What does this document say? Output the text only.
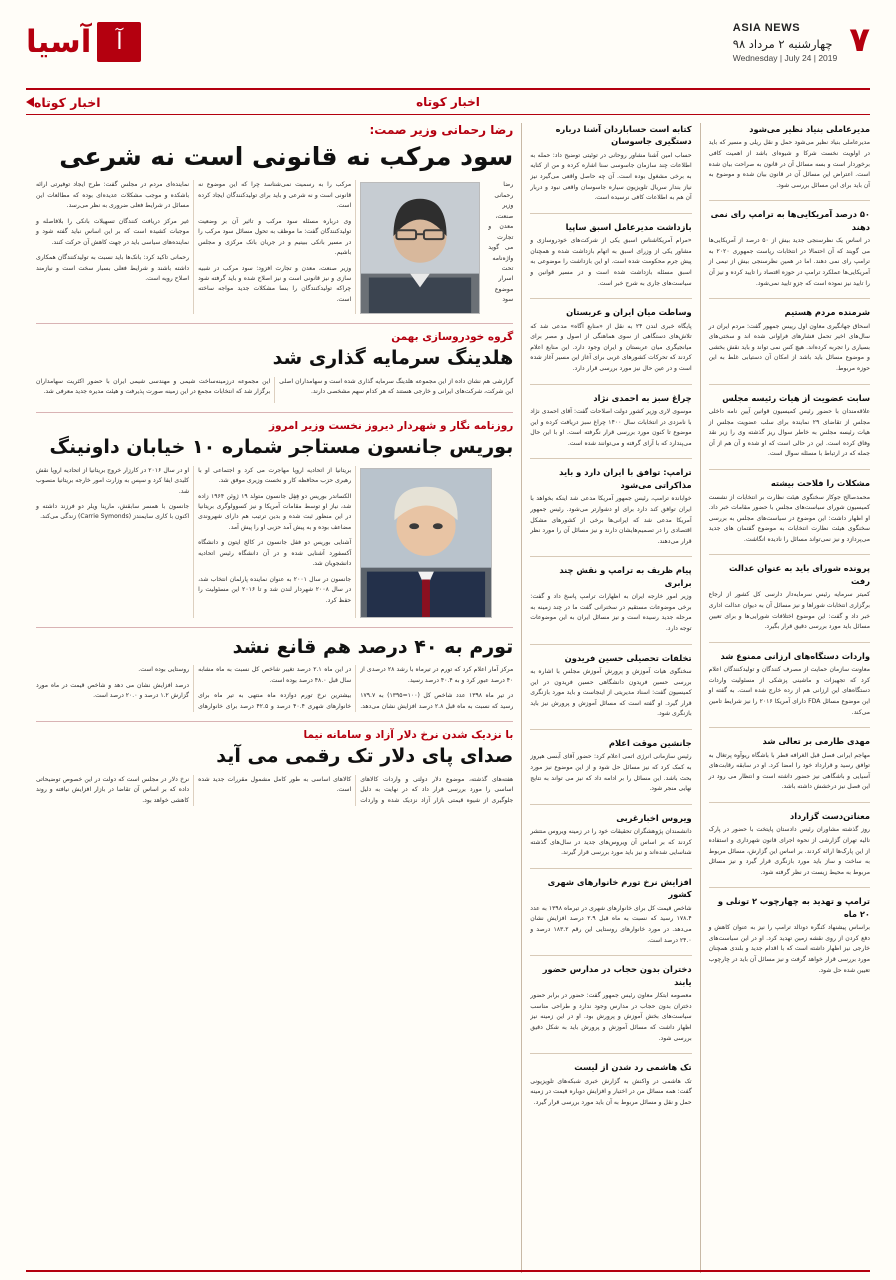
آسیا	آ	۷
ASIA NEWS
چهارشنبه ۲ مرداد ۹۸
Wednesday | July 24 | 2019
اخبار کوتاه	اخبار کوتاه
رضا رحمانی وزیر صمت:
سود مرکب نه قانونی است نه شرعی

رضا رحمانی وزیر صنعت، معدن و تجارت می گوید واژه‌نامه تحت اسرار موضوع سود مرکب را به رسمیت نمی‌شناسد چرا که این موضوع نه قانونی است و نه شرعی و باید برای تولیدکنندگان ایجاد کرده است.

وی درباره مسئله سود مرکب و تاثیر آن بر وضعیت تولیدکنندگان گفت: ما موظف به تحول مسائل سود مرکب را در مسیر بانکی ببینیم و در جریان بانک مرکزی و مجلس باشیم.

وزیر صنعت، معدن و تجارت افزود: سود مرکب در شبیه سازی و نیز قانونی است و نیز اصلاح شده و باید گرفته شود چراکه تولیدکنندگان را بسا مشکلات جدید مواجه ساخته است.

نماینده‌ای مردم در مجلس گفت: طرح ایجاد توفیرتی ارائه باشکده و موجب مشکلات عدیده‌ای بوده که مطالعات این مسائل در شرایط فعلی ضروری به نظر می‌رسد.

غیر مرکز دریافت کنندگان تسهیلات بانکی را بلافاصله و موجبات کشیده است که بر این اساس نباید گفته شود و نماینده‌های سیاسی باید در جهت کاهش آن حرکت کنند.

رحمانی تاکید کرد: بانک‌ها باید نسبت به تولیدکنندگان همکاری داشته باشند و شرایط فعلی بسیار سخت است و نیازمند اصلاح رویه است.

گروه خودروسازی بهمن
هلدینگ سرمایه گذاری شد

گزارشی هم نشان داده از این مجموعه هلدینگ سرمایه گذاری شده است و سهامداران اصلی این شرکت، شرکت‌های ایرانی و خارجی هستند که هر کدام سهم مشخصی دارند.

این مجموعه درزمینه‌ساخت شیمی و مهندسی شیمی ایران با حضور اکثریت سهامداران برگزار شد که انتخابات مجمع در این زمینه صورت پذیرفت و هیئت مدیره جدید معرفی شد.

روزنامه نگار و شهردار دیروز نخست وزیر امروز
بوریس جانسون مستاجر شماره ۱۰ خیابان داونینگ

بریتانیا از اتحادیه اروپا مهاجرت می کرد و اجتماعی او با رهبری حزب محافظه کار و نخست وزیری موفق شد.

الکساندر بوریس دو فِفِل جانسون متولد ۱۹ ژوئن ۱۹۶۴ زاده شد، نیاز او توسط مقامات آمریکا و نیز کسوولوگری بریتانیا در این منظور ثبت شده و بدین ترتیب هم دارای شهروندی مضاعف بوده و به پیش آمد حزبی او را پیش آمد.

آشنایی بوریس دو ففل جانسون در کالج ایتون و دانشگاه آکسفورد آشنایی شده و در آن دانشگاه رئیس اتحادیه دانشجویان شد.

جانسون در سال ۲۰۰۱ به عنوان نماینده پارلمان انتخاب شد، در سال ۲۰۰۸ شهردار لندن شد و تا ۲۰۱۶ این مسئولیت را حفظ کرد.

او در سال ۲۰۱۶ در کارزار خروج بریتانیا از اتحادیه اروپا نقش کلیدی ایفا کرد و سپس به وزارت امور خارجه بریتانیا منصوب شد.

جانسون با همسر سابقش، مارینا ویلر دو فرزند داشته و اکنون با کاری سایمندز (Carrie Symonds) زندگی می‌کند.

تورم به ۴۰ درصد هم قانع نشد

مرکز آمار اعلام کرد که تورم در تیرماه با رشد ۲۸ درصدی از ۴۰ درصد عبور کرد و به ۴۰.۴ درصد رسید.

در تیر ماه ۱۳۹۸ عدد شاخص کل (۱۰۰=۱۳۹۵) به ۱۷۹.۷ رسید که نسبت به ماه قبل ۲.۸ درصد افزایش نشان می‌دهد. در این ماه ۲.۱ درصد تغییر شاخص کل نسبت به ماه مشابه سال قبل ۴۸.۰ درصد بوده است.

بیشترین نرخ تورم دوازده ماه منتهی به تیر ماه برای خانوارهای شهری ۴۰.۴ درصد و ۴۲.۵ درصد برای خانوارهای روستایی بوده است.

درصد افزایش نشان می دهد و شاخص قیمت در ماه مورد گزارش ۱.۲ درصد و ۲۰.۰ درصد است.

با نزدیک شدن نرخ دلار آزاد و سامانه نیما
صدای پای دلار تک رقمی می آید

هفته‌های گذشته، موضوع دلار دولتی و واردات کالاهای اساسی را مورد بررسی قرار داد که در نهایت به دلیل جلوگیری از شیوه قیمتی بازار آزاد نزدیک شده و واردات کالاهای اساسی به طور کامل مشمول مقررات جدید شده است.

نرخ دلار در مجلس است که دولت در این خصوص توضیحاتی داده که بر اساس آن تقاضا در بازار افزایش نیافته و روند کاهشی خواهد بود.

کتابه است حساباردان آشنا درباره دستگیری جاسوسان

حساب امین آشنا مشاور روحانی در توئیتی توضیح داد: حمله به اطلاعات چند سازمان جاسوسی سنا اشاره کرده و من از کنایه به برخی مشغول بوده است. آن چه حاصل واقعی می‌گیرد نیز نیاز بندار سریال تلویزیون سیاره جاسوسان واقعی نبود و دربار آن هم به اطلاعات کافی نرسیده است.

بازداشت مدیرعامل اسبق ساپیا

«مرام آمریکا‌شناس اسبق یکی از شرکت‌های خودروسازی و مشاور یکی از وزرای اسبق به اتهام بازداشت شده و همچنان پیش جرم محکومت شده است. او این بازداشت را موضوعی به اسبق مسئله بازداشت شده است و در مسیر قوانین و سیاست‌های جاری به شرح خبر است.

وساطت میان ایران و عربستان

پایگاه خبری لندن ۲۴ به نقل از «منابع آگاه» مدعی شد که تلاش‌های دستگاهی از سوی هماهنگی از اصول و مصر برای میانجیگری میان عربستان و ایران وجود دارد. این منابع اعلام کردند که تحرکات کشورهای غربی برای آغاز این مسیر آغاز شده است و در عین حال نیز مورد بررسی قرار دارد.

چراغ سبز به احمدی نژاد

موسوی لاری وزیر کشور دولت اصلاحات گفت: آقای احمدی نژاد با نامزدی در انتخابات سال ۱۴۰۰ چراغ سبز دریافت کرده و این موضوع تا کنون مورد بررسی قرار نگرفته است. او با این حال می‌پندارد که با آرای گرفته و می‌توانند شده است.

ترامپ: توافق با ایران دارد و باید مذاکراتی می‌شود

خوابانده ترامپ، رئیس جمهور آمریکا مدعی شد اینکه بخواهد با ایران توافق کند دارد برای او دشوارتر می‌شود. رئیس جمهور آمریکا مدعی شد که ایرانی‌ها برخی از کشورهای مشکل اقتصادی را در تصمیم‌هایشان دارند و نیز مسائل آن را مورد نظر قرار می‌دهند.

پیام ظریف به ترامپ و نقش چند برابری

وزیر امور خارجه ایران به اظهارات ترامپ پاسخ داد و گفت: برخی موضوعات مستقیم در سخنرانی گفت ما در چند زمینه به مرحله جدید رسیده است و نیز مسائل ایران به این موضوعات توجه دارد.

تخلفات تحصیلی حسین فریدون

سخنگوی هیات آموزش و پرورش آموزش مجلس با اشاره به بررسی حسین فریدون دانشگاهی حسین فریدون در این کمیسیون گفت: اسناد مدیریتی از اینجاست و باید مورد بازنگری قرار گیرد. او گفته است که مسائل آموزش و پرورش نیز باید بازنگری شود.

جانشین موقت اعلام

رئیس سازمانی انرژی اتمی اعلام کرد: حضور آقای آبسی هیروز به کمک کرد که نیز مسائل حل شود و از این موضوع نیز مورد بحث باشد. این مسائل را بر ادامه داد که نیز می تواند به نتایج نهایی منجر شود.

ویروس اخبارغربی

دانشمندان پژوهشگران تحقیقات خود را در زمینه ویروس منتشر کردند که بر اساس آن ویروس‌های جدید در سال‌های گذشته شناسایی شده‌اند و نیز باید مورد بررسی قرار گیرند.

افزایش نرخ تورم خانوارهای شهری کشور

شاخص قیمت کل برای خانوارهای شهری در تیرماه ۱۳۹۸ به عدد ۱۷۸.۴ رسید که نسبت به ماه قبل ۲.۹ درصد افزایش نشان می‌دهد. در مورد خانوارهای روستایی این رقم ۱۸۳.۲ درصد و ۲۴.۰ درصد است.

دختران بدون حجاب در مدارس حضور یابند

معصومه ابتکار معاون رئیس جمهور گفت: حضور در برابر حضور دختران بدون حجاب در مدارس وجود ندارد و طراحی مناسب سیاست‌های بخش آموزش و پرورش بود. او در این زمینه نیز اظهار داشت که مسائل آموزش و پرورش باید به شکل دقیق بررسی شود.

تک هاشمی رد شدن از لیست

تک هاشمی در واکنش به گزارش خبری شبکه‌های تلویزیونی گفت: همه مسائل من در اختیار و افزایش دوباره قیمت در زمینه حمل و نقل و مسائل مربوط به آن باید مورد بررسی قرار گیرد.

مدیرعاملی بنیاد نظیر می‌شود

مدیرعاملی بنیاد نظیر می‌شود حمل و نقل ریلی و مسیر که باید در اولویت نخست شرکا و شیوه‌ای باشد از اهمیت کافی برخوردار است و بسه مسائل آن در قانون به صراحت بیان شده است. اعتراض این مسائل آن در قانون بیان شده و موضوع به آن باید برای این مسائل بررسی شود.

۵۰ درصد آمریکایی‌ها به ترامپ رای نمی دهند

در اساس یک نظرسنجی جدید بیش از ۵۰ درصد از آمریکایی‌ها می گویند که آن احتمالا در انتخابات ریاست جمهوری ۲۰۲۰ به ترامپ رای نمی دهند. اما در همین نظرسنجی بیش از نیمی از آمریکایی‌ها عملکرد ترامپ در حوزه اقتصاد را تایید کرده و نیز آن را تایید نیز نموده است که جزو تایید نمی‌شود.

شرمنده مردم هستیم

اسحاق جهانگیری معاون اول رییس جمهور گفت: مردم ایران در سال‌های اخیر تحمل فشارهای فراوانی شده اند و سختی‌های بسیاری را تجربه کرده‌اند. هیچ کس نمی تواند و باید نقش بخشی و موضوع مسائل باید باشد از امکان آن دستیابی غلط به این حوزه مربوط.

سابت عضویت از هیات رئیسه مجلس

علاقه‌مندان با حضور رئیس کمیسیون قوانین آیین نامه داخلی مجلس از تقاضای ۲۹ نماینده برای سلب عضویت مجلس از هیات رئیسه مجلس به خاطر سوال ریز گذشته وی را زیر نقد وفاق کرده است. این در حالی است که او شده و آن هم از آن جمله که در ارتباط با مسئله سوال است.

مشکلات را فلاحت بیشته

محمدصالح جوکار سخنگوی هیئت نظارت بر انتخابات از نشست کمیسیون شورای سیاست‌های مجلس با حضور مقامات خبر داد. او اظهار داشت: این موضوع در سیاست‌های مجلس به بررسی سخنگوی هیئت نظارت انتخابات به موضوع گفتمان های جدید می‌پردازد و نیز نمی‌تواند مسائل را نادیده انگاشت.

پرونده شورای باید به عنوان عدالت رفت

کمیتر سرمایه رئیس سرمایه‌دار دارسی کل کشور از ارجاع برگزاری انتخابات شوراها و نیز مسائل آن به دیوان عدالت اداری خبر داد و گفت: این موضوع اختلافات شورایی‌ها و برای تعیین مسائل باید مورد بررسی دقیق قرار بگیرد.

واردات دستگاه‌های ارزانی ممنوع شد

معاونت سازمان حمایت از مصرف کنندگان و تولیدکنندگان اعلام کرد که تجهیزات و ماشینی پزشکی از مسئولیت واردات دستگاه‌های این ارزانی هم از رده خارج شده است. به گفته او این موضوع مسائل FDA دارای آمریکا ۲۰۱۶ را نیز شرایط تامین می‌کند.

مهدی طارمی بر تعالی شد

مهاجم ایرانی فصل قبل الغرافه قطر با باشگاه ریوآوه پرتغال به توافق رسید و قرارداد خود را امضا کرد. او در سابقه رقابت‌های آسیایی و باشگاهی نیز حضور داشته است و انتظار می رود در این فصل نیز درخشش داشته باشد.

معناتن‌دست گزارداد

روز گذشته مشاوران رئیس دادستان پایتخت با حضور در پارک نالیه تهران گزارشی از نحوه اجرای قانون شهرداری و استفاده از این پارک‌ها ارائه کردند. بر اساس این گزارش، مسائل مربوط به ساخت و ساز باید مورد بازنگری قرار گیرد و نیز مسائل مربوط به محیط زیست در نظر گرفته شود.

ترامپ و تهدید به چهارچوب ۲ تونلی و ۲۰ ماه

براساس پیشنهاد کنگره دونالد ترامپ را نیز به عنوان کاهش و دفع کردن از روی نقشه زمین تهدید کرد. او در این سیاست‌های خارجی نیز اظهار داشته است که با اقدام جدید و بلندی همچنان مورد بررسی قرار خواهد گرفت و نیز مسائل آن باید در چارچوب تعیین شده حل شود.
